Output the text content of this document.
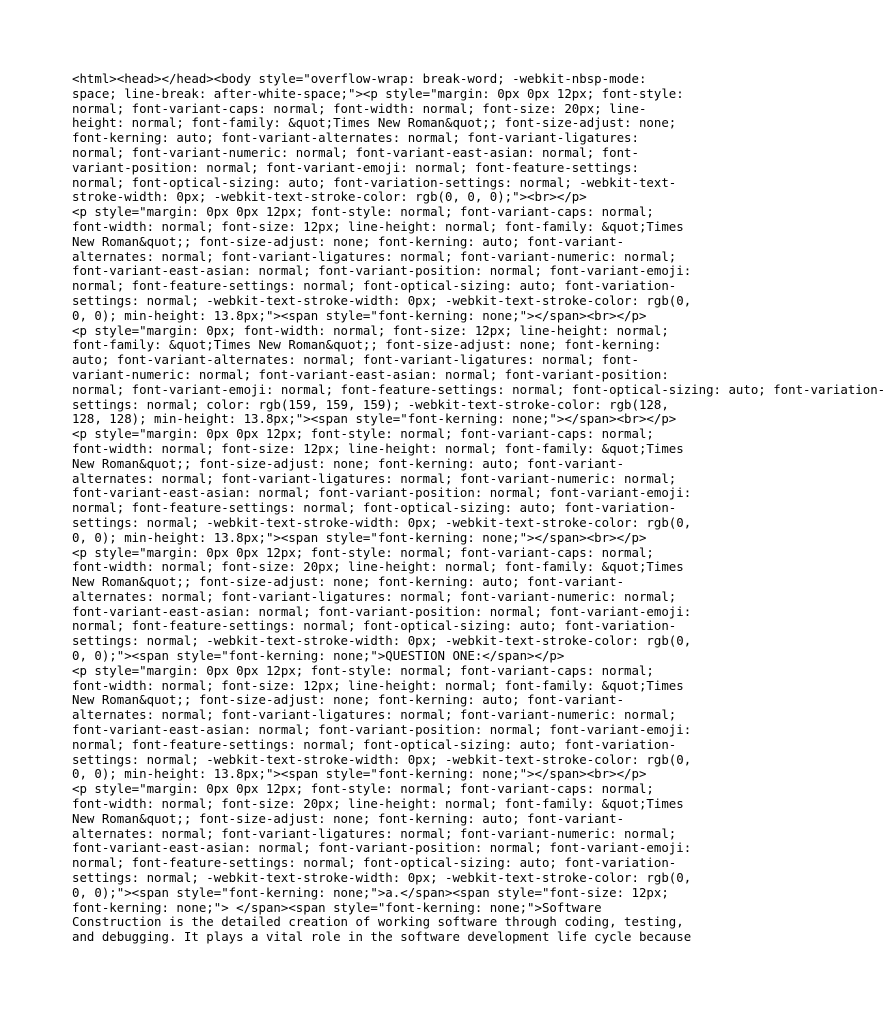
<html><head></head><body style="overflow-wrap: break-word; -webkit-nbsp-mode:
space; line-break: after-white-space;"><p style="margin: 0px 0px 12px; font-style:
normal; font-variant-caps: normal; font-width: normal; font-size: 20px; line-
height: normal; font-family: &quot;Times New Roman&quot;; font-size-adjust: none;
font-kerning: auto; font-variant-alternates: normal; font-variant-ligatures:
normal; font-variant-numeric: normal; font-variant-east-asian: normal; font-
variant-position: normal; font-variant-emoji: normal; font-feature-settings:
normal; font-optical-sizing: auto; font-variation-settings: normal; -webkit-text-
stroke-width: 0px; -webkit-text-stroke-color: rgb(0, 0, 0);"><br></p>
<p style="margin: 0px 0px 12px; font-style: normal; font-variant-caps: normal;
font-width: normal; font-size: 12px; line-height: normal; font-family: &quot;Times
New Roman&quot;; font-size-adjust: none; font-kerning: auto; font-variant-
alternates: normal; font-variant-ligatures: normal; font-variant-numeric: normal;
font-variant-east-asian: normal; font-variant-position: normal; font-variant-emoji:
normal; font-feature-settings: normal; font-optical-sizing: auto; font-variation-
settings: normal; -webkit-text-stroke-width: 0px; -webkit-text-stroke-color: rgb(0,
0, 0); min-height: 13.8px;"><span style="font-kerning: none;"></span><br></p>
<p style="margin: 0px; font-width: normal; font-size: 12px; line-height: normal;
font-family: &quot;Times New Roman&quot;; font-size-adjust: none; font-kerning:
auto; font-variant-alternates: normal; font-variant-ligatures: normal; font-
variant-numeric: normal; font-variant-east-asian: normal; font-variant-position:
normal; font-variant-emoji: normal; font-feature-settings: normal; font-optical-sizing: auto; font-variation-
settings: normal; color: rgb(159, 159, 159); -webkit-text-stroke-color: rgb(128,
128, 128); min-height: 13.8px;"><span style="font-kerning: none;"></span><br></p>
<p style="margin: 0px 0px 12px; font-style: normal; font-variant-caps: normal;
font-width: normal; font-size: 12px; line-height: normal; font-family: &quot;Times
New Roman&quot;; font-size-adjust: none; font-kerning: auto; font-variant-
alternates: normal; font-variant-ligatures: normal; font-variant-numeric: normal;
font-variant-east-asian: normal; font-variant-position: normal; font-variant-emoji:
normal; font-feature-settings: normal; font-optical-sizing: auto; font-variation-
settings: normal; -webkit-text-stroke-width: 0px; -webkit-text-stroke-color: rgb(0,
0, 0); min-height: 13.8px;"><span style="font-kerning: none;"></span><br></p>
<p style="margin: 0px 0px 12px; font-style: normal; font-variant-caps: normal;
font-width: normal; font-size: 20px; line-height: normal; font-family: &quot;Times
New Roman&quot;; font-size-adjust: none; font-kerning: auto; font-variant-
alternates: normal; font-variant-ligatures: normal; font-variant-numeric: normal;
font-variant-east-asian: normal; font-variant-position: normal; font-variant-emoji:
normal; font-feature-settings: normal; font-optical-sizing: auto; font-variation-
settings: normal; -webkit-text-stroke-width: 0px; -webkit-text-stroke-color: rgb(0,
0, 0);"><span style="font-kerning: none;">QUESTION ONE:</span></p>
<p style="margin: 0px 0px 12px; font-style: normal; font-variant-caps: normal;
font-width: normal; font-size: 12px; line-height: normal; font-family: &quot;Times
New Roman&quot;; font-size-adjust: none; font-kerning: auto; font-variant-
alternates: normal; font-variant-ligatures: normal; font-variant-numeric: normal;
font-variant-east-asian: normal; font-variant-position: normal; font-variant-emoji:
normal; font-feature-settings: normal; font-optical-sizing: auto; font-variation-
settings: normal; -webkit-text-stroke-width: 0px; -webkit-text-stroke-color: rgb(0,
0, 0); min-height: 13.8px;"><span style="font-kerning: none;"></span><br></p>
<p style="margin: 0px 0px 12px; font-style: normal; font-variant-caps: normal;
font-width: normal; font-size: 20px; line-height: normal; font-family: &quot;Times
New Roman&quot;; font-size-adjust: none; font-kerning: auto; font-variant-
alternates: normal; font-variant-ligatures: normal; font-variant-numeric: normal;
font-variant-east-asian: normal; font-variant-position: normal; font-variant-emoji:
normal; font-feature-settings: normal; font-optical-sizing: auto; font-variation-
settings: normal; -webkit-text-stroke-width: 0px; -webkit-text-stroke-color: rgb(0,
0, 0);"><span style="font-kerning: none;">a.</span><span style="font-size: 12px;
font-kerning: none;"> </span><span style="font-kerning: none;">Software
Construction is the detailed creation of working software through coding, testing,
and debugging. It plays a vital role in the software development life cycle because
